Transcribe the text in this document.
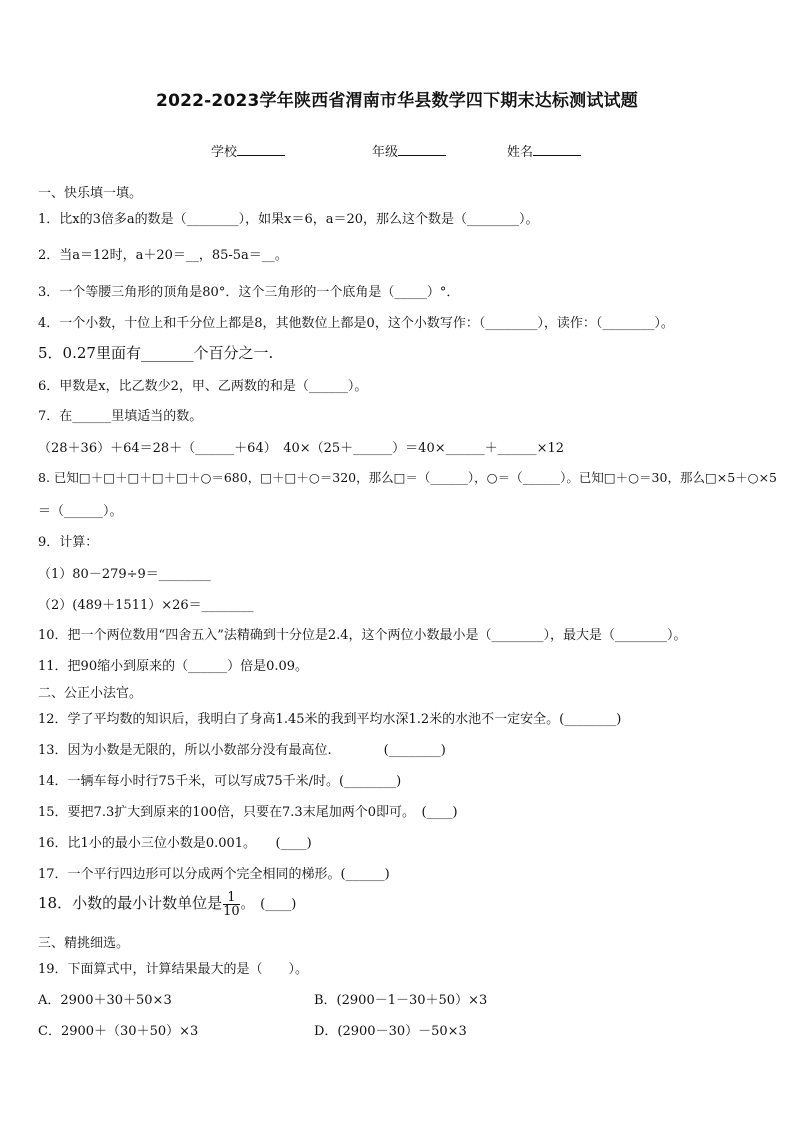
2022-2023学年陕西省渭南市华县数学四下期末达标测试试题
学校	年级	姓名
一、快乐填一填。
1．比x的3倍多a的数是（________），如果x＝6，a＝20，那么这个数是（________）。
2．当a＝12时，a＋20＝__，85-5a＝__。
3．一个等腰三角形的顶角是80°．这个三角形的一个底角是（_____）°．
4．一个小数，十位上和千分位上都是8，其他数位上都是0，这个小数写作：（________），读作：（________）。
5．0.27里面有_______个百分之一.
6．甲数是x，比乙数少2，甲、乙两数的和是（______）。
7．在______里填适当的数。
（28＋36）＋64＝28＋（______＋64）　40×（25＋______）＝40×______＋______×12
8. 已知□＋□＋□＋□＋□＋○＝680，□＋□＋○＝320，那么□＝（______），○＝（______）。已知□＋○＝30，那么□×5＋○×5
＝（______）。
9．计算：
（1）80－279÷9＝________
（2）(489＋1511）×26＝________
10．把一个两位数用“四舍五入”法精确到十分位是2.4，这个两位小数最小是（________），最大是（________）。
11．把90缩小到原来的（______）倍是0.09。
二、公正小法官。
12．学了平均数的知识后，我明白了身高1.45米的我到平均水深1.2米的水池不一定安全。(________)
13．因为小数是无限的，所以小数部分没有最高位.　　　　(________)
14．一辆车每小时行75千米，可以写成75千米/时。(________)
15．要把7.3扩大到原来的100倍，只要在7.3末尾加两个0即可。　(____)
16．比1小的最小三位小数是0.001。　　(____)
17．一个平行四边形可以分成两个完全相同的梯形。(______)
18．小数的最小计数单位是 $\frac{1}{10}$ 。　(____)
三、精挑细选。
19．下面算式中，计算结果最大的是（　　）。
A．2900＋30＋50×3	B．(2900－1－30＋50）×3
C．2900＋（30＋50）×3	D．(2900－30）－50×3
